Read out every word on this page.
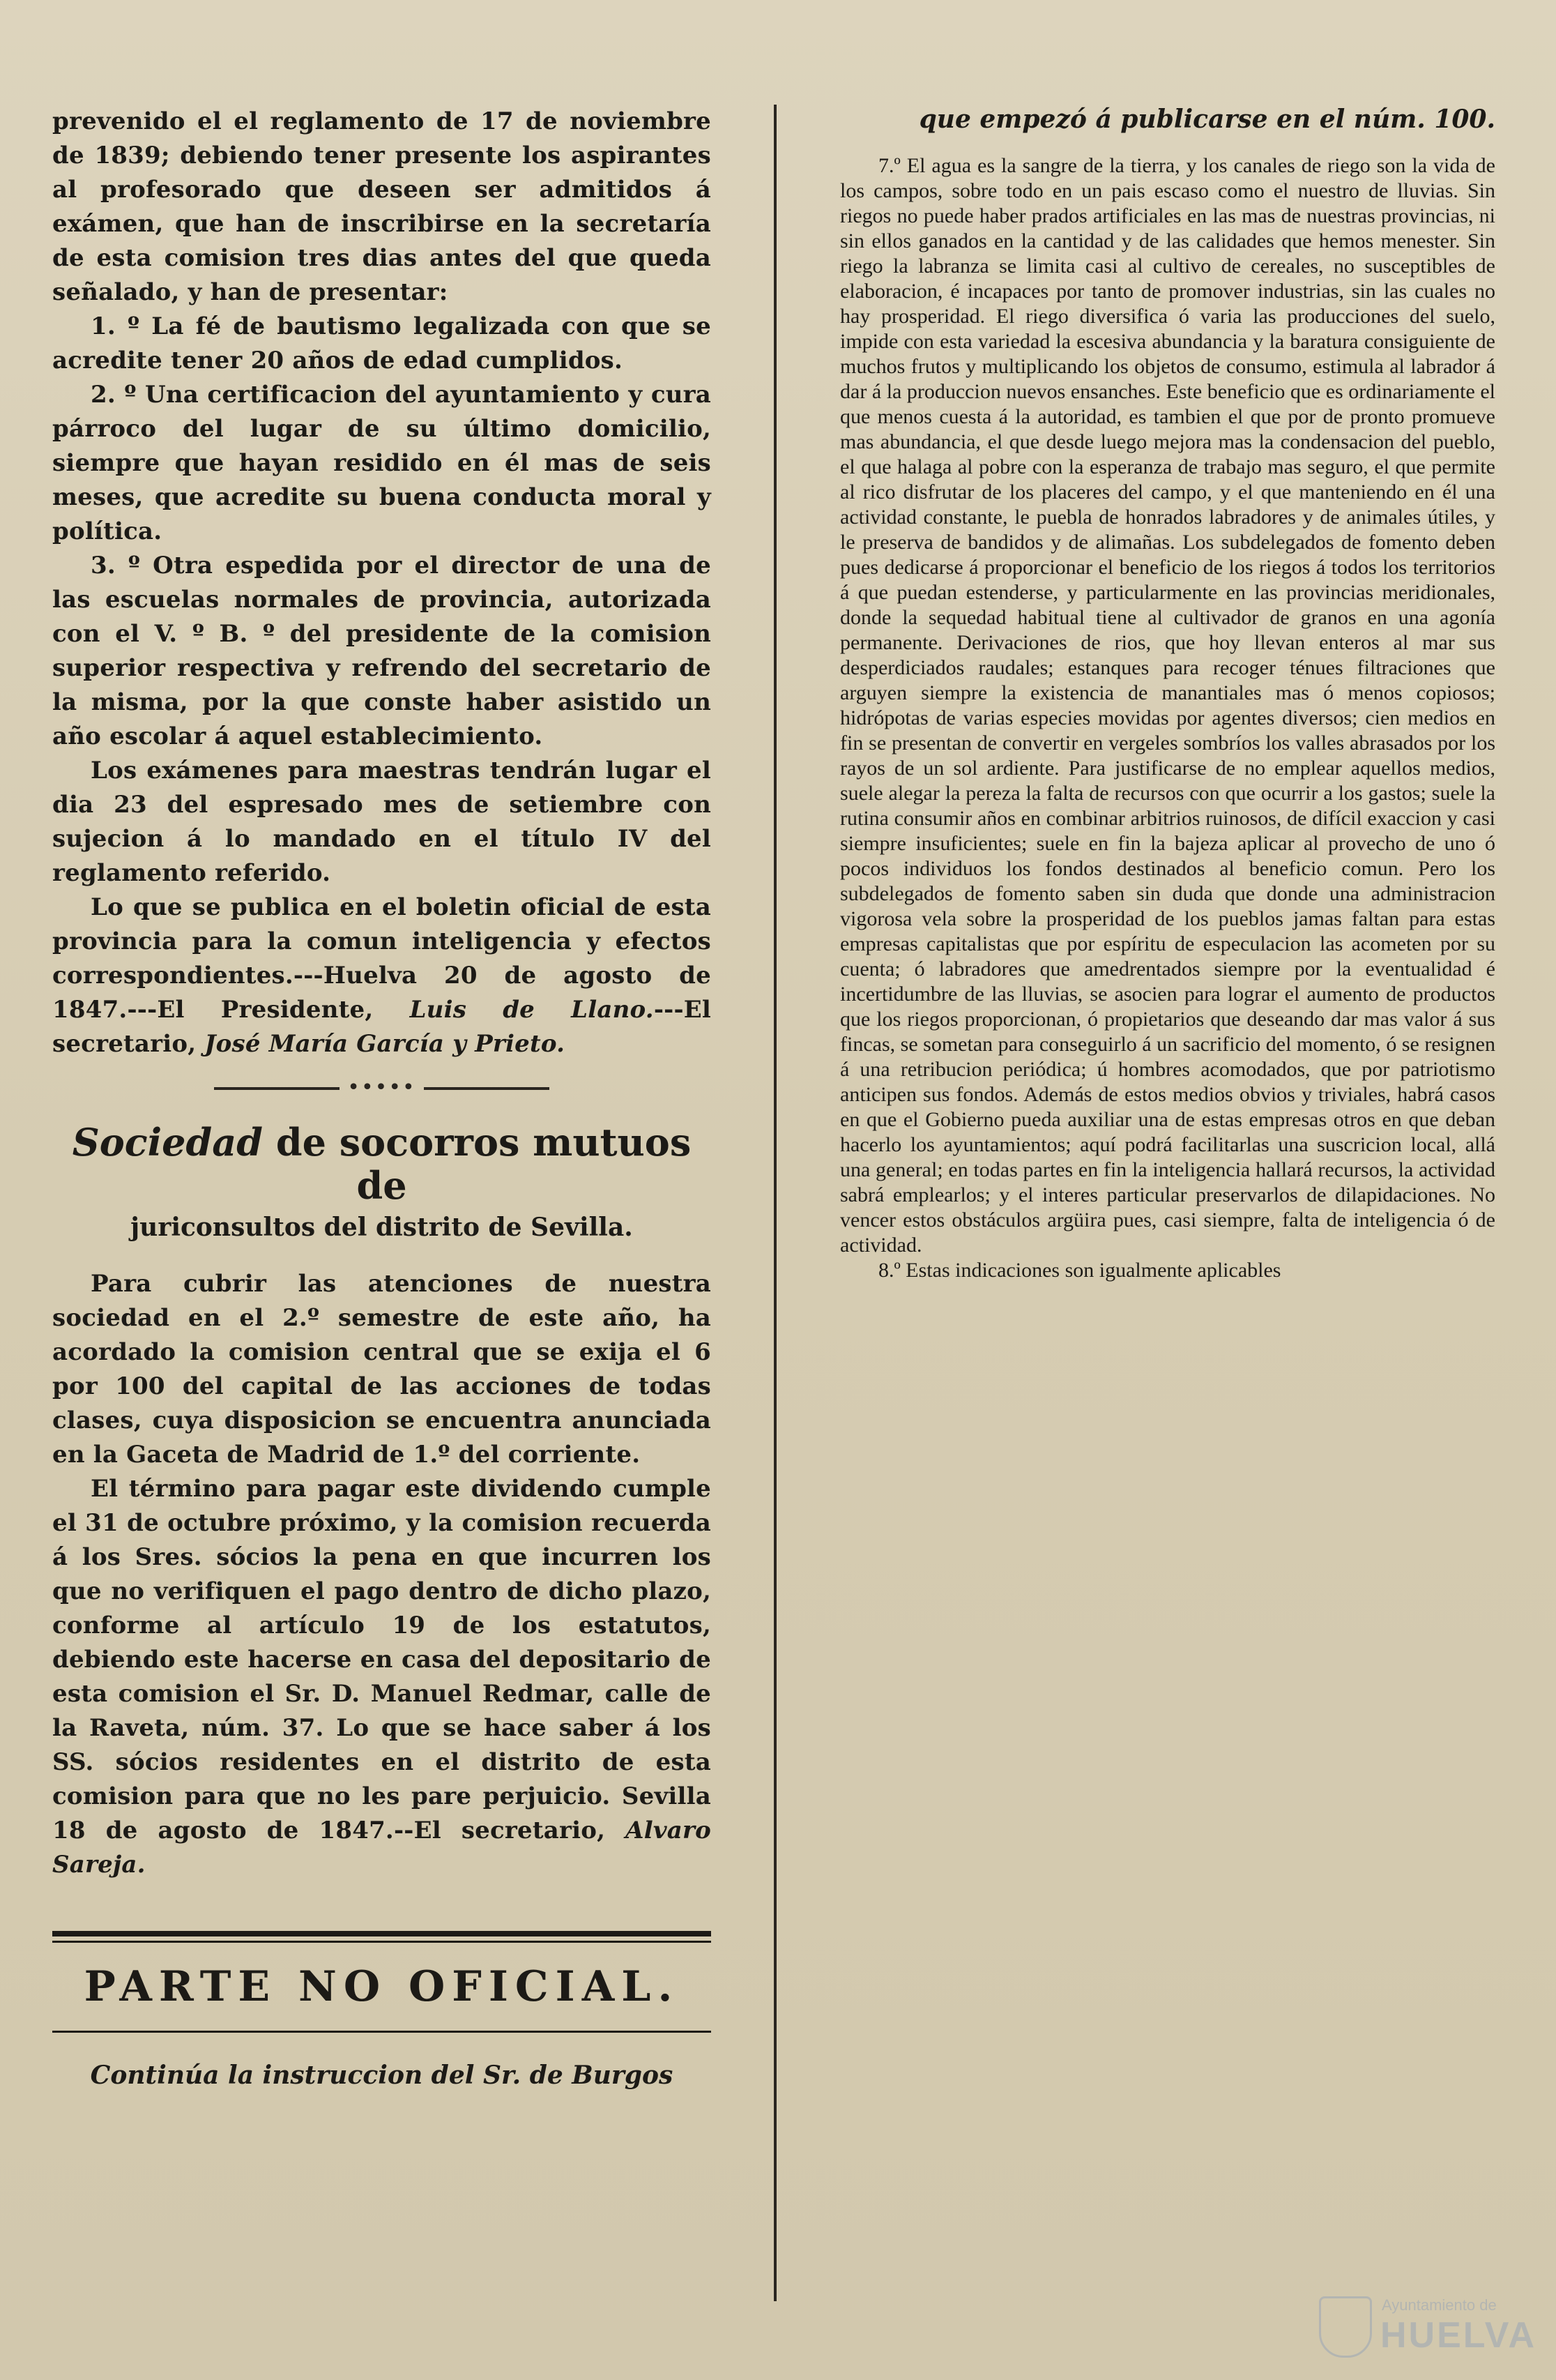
prevenido el el reglamento de 17 de noviembre de 1839; debiendo tener presente los aspirantes al profesorado que deseen ser admitidos á exámen, que han de inscribirse en la secretaría de esta comision tres dias antes del que queda señalado, y han de presentar:

1. º La fé de bautismo legalizada con que se acredite tener 20 años de edad cumplidos.

2. º Una certificacion del ayuntamiento y cura párroco del lugar de su último domicilio, siempre que hayan residido en él mas de seis meses, que acredite su buena conducta moral y política.

3. º Otra espedida por el director de una de las escuelas normales de provincia, autorizada con el V. º B. º del presidente de la comision superior respectiva y refrendo del secretario de la misma, por la que conste haber asistido un año escolar á aquel establecimiento.

Los exámenes para maestras tendrán lugar el dia 23 del espresado mes de setiembre con sujecion á lo mandado en el título IV del reglamento referido.

Lo que se publica en el boletin oficial de esta provincia para la comun inteligencia y efectos correspondientes.---Huelva 20 de agosto de 1847.---El Presidente, Luis de Llano.---El secretario, José María García y Prieto.

•••••
Sociedad de socorros mutuos de
juriconsultos del distrito de Sevilla.

Para cubrir las atenciones de nuestra sociedad en el 2.º semestre de este año, ha acordado la comision central que se exija el 6 por 100 del capital de las acciones de todas clases, cuya disposicion se encuentra anunciada en la Gaceta de Madrid de 1.º del corriente.

El término para pagar este dividendo cumple el 31 de octubre próximo, y la comision recuerda á los Sres. sócios la pena en que incurren los que no verifiquen el pago dentro de dicho plazo, conforme al artículo 19 de los estatutos, debiendo este hacerse en casa del depositario de esta comision el Sr. D. Manuel Redmar, calle de la Raveta, núm. 37. Lo que se hace saber á los SS. sócios residentes en el distrito de esta comision para que no les pare perjuicio. Sevilla 18 de agosto de 1847.--El secretario, Alvaro Sareja.

PARTE NO OFICIAL.
Continúa la instruccion del Sr. de Burgos
que empezó á publicarse en el núm. 100.

7.º El agua es la sangre de la tierra, y los canales de riego son la vida de los campos, sobre todo en un pais escaso como el nuestro de lluvias. Sin riegos no puede haber prados artificiales en las mas de nuestras provincias, ni sin ellos ganados en la cantidad y de las calidades que hemos menester. Sin riego la labranza se limita casi al cultivo de cereales, no susceptibles de elaboracion, é incapaces por tanto de promover industrias, sin las cuales no hay prosperidad. El riego diversifica ó varia las producciones del suelo, impide con esta variedad la escesiva abundancia y la baratura consiguiente de muchos frutos y multiplicando los objetos de consumo, estimula al labrador á dar á la produccion nuevos ensanches. Este beneficio que es ordinariamente el que menos cuesta á la autoridad, es tambien el que por de pronto promueve mas abundancia, el que desde luego mejora mas la condensacion del pueblo, el que halaga al pobre con la esperanza de trabajo mas seguro, el que permite al rico disfrutar de los placeres del campo, y el que manteniendo en él una actividad constante, le puebla de honrados labradores y de animales útiles, y le preserva de bandidos y de alimañas. Los subdelegados de fomento deben pues dedicarse á proporcionar el beneficio de los riegos á todos los territorios á que puedan estenderse, y particularmente en las provincias meridionales, donde la sequedad habitual tiene al cultivador de granos en una agonía permanente. Derivaciones de rios, que hoy llevan enteros al mar sus desperdiciados raudales; estanques para recoger ténues filtraciones que arguyen siempre la existencia de manantiales mas ó menos copiosos; hidrópotas de varias especies movidas por agentes diversos; cien medios en fin se presentan de convertir en vergeles sombríos los valles abrasados por los rayos de un sol ardiente. Para justificarse de no emplear aquellos medios, suele alegar la pereza la falta de recursos con que ocurrir a los gastos; suele la rutina consumir años en combinar arbitrios ruinosos, de difícil exaccion y casi siempre insuficientes; suele en fin la bajeza aplicar al provecho de uno ó pocos individuos los fondos destinados al beneficio comun. Pero los subdelegados de fomento saben sin duda que donde una administracion vigorosa vela sobre la prosperidad de los pueblos jamas faltan para estas empresas capitalistas que por espíritu de especulacion las acometen por su cuenta; ó labradores que amedrentados siempre por la eventualidad é incertidumbre de las lluvias, se asocien para lograr el aumento de productos que los riegos proporcionan, ó propietarios que deseando dar mas valor á sus fincas, se sometan para conseguirlo á un sacrificio del momento, ó se resignen á una retribucion periódica; ú hombres acomodados, que por patriotismo anticipen sus fondos. Además de estos medios obvios y triviales, habrá casos en que el Gobierno pueda auxiliar una de estas empresas otros en que deban hacerlo los ayuntamientos; aquí podrá facilitarlas una suscricion local, allá una general; en todas partes en fin la inteligencia hallará recursos, la actividad sabrá emplearlos; y el interes particular preservarlos de dilapidaciones. No vencer estos obstáculos argüira pues, casi siempre, falta de inteligencia ó de actividad.

8.º Estas indicaciones son igualmente aplicables

Ayuntamiento de
HUELVA
